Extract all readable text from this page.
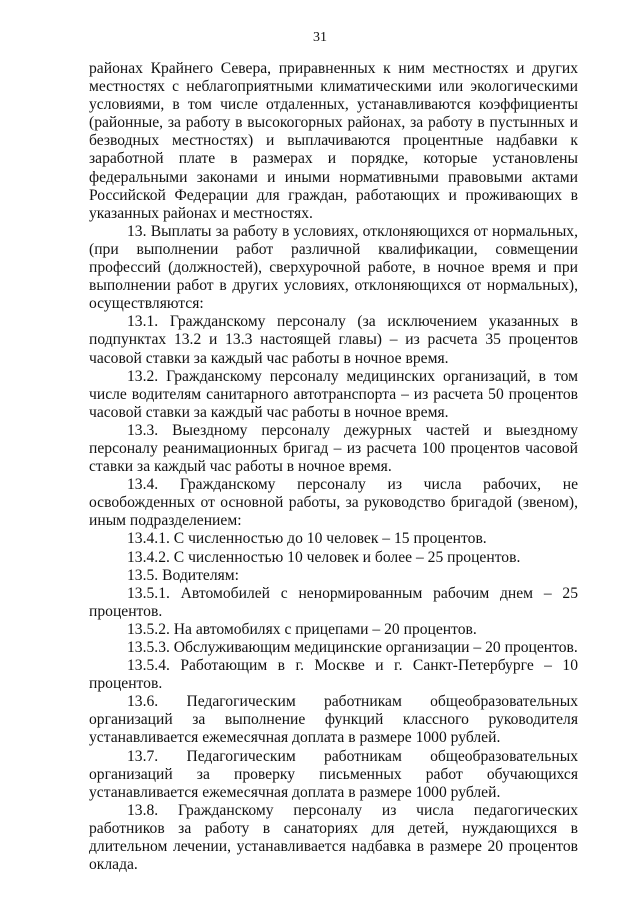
31

районах Крайнего Севера, приравненных к ним местностях и других местностях с неблагоприятными климатическими или экологическими условиями, в том числе отдаленных, устанавливаются коэффициенты (районные, за работу в высокогорных районах, за работу в пустынных и безводных местностях) и выплачиваются процентные надбавки к заработной плате в размерах и порядке, которые установлены федеральными законами и иными нормативными правовыми актами Российской Федерации для граждан, работающих и проживающих в указанных районах и местностях.

13. Выплаты за работу в условиях, отклоняющихся от нормальных, (при выполнении работ различной квалификации, совмещении профессий (должностей), сверхурочной работе, в ночное время и при выполнении работ в других условиях, отклоняющихся от нормальных), осуществляются:

13.1. Гражданскому персоналу (за исключением указанных в подпунктах 13.2 и 13.3 настоящей главы) – из расчета 35 процентов часовой ставки за каждый час работы в ночное время.

13.2. Гражданскому персоналу медицинских организаций, в том числе водителям санитарного автотранспорта – из расчета 50 процентов часовой ставки за каждый час работы в ночное время.

13.3. Выездному персоналу дежурных частей и выездному персоналу реанимационных бригад – из расчета 100 процентов часовой ставки за каждый час работы в ночное время.

13.4. Гражданскому персоналу из числа рабочих, не освобожденных от основной работы, за руководство бригадой (звеном), иным подразделением:

13.4.1. С численностью до 10 человек – 15 процентов.

13.4.2. С численностью 10 человек и более – 25 процентов.

13.5. Водителям:

13.5.1. Автомобилей с ненормированным рабочим днем – 25 процентов.

13.5.2. На автомобилях с прицепами – 20 процентов.

13.5.3. Обслуживающим медицинские организации – 20 процентов.

13.5.4. Работающим в г. Москве и г. Санкт-Петербурге – 10 процентов.

13.6. Педагогическим работникам общеобразовательных организаций за выполнение функций классного руководителя устанавливается ежемесячная доплата в размере 1000 рублей.

13.7. Педагогическим работникам общеобразовательных организаций за проверку письменных работ обучающихся устанавливается ежемесячная доплата в размере 1000 рублей.

13.8. Гражданскому персоналу из числа педагогических работников за работу в санаториях для детей, нуждающихся в длительном лечении, устанавливается надбавка в размере 20 процентов оклада.
